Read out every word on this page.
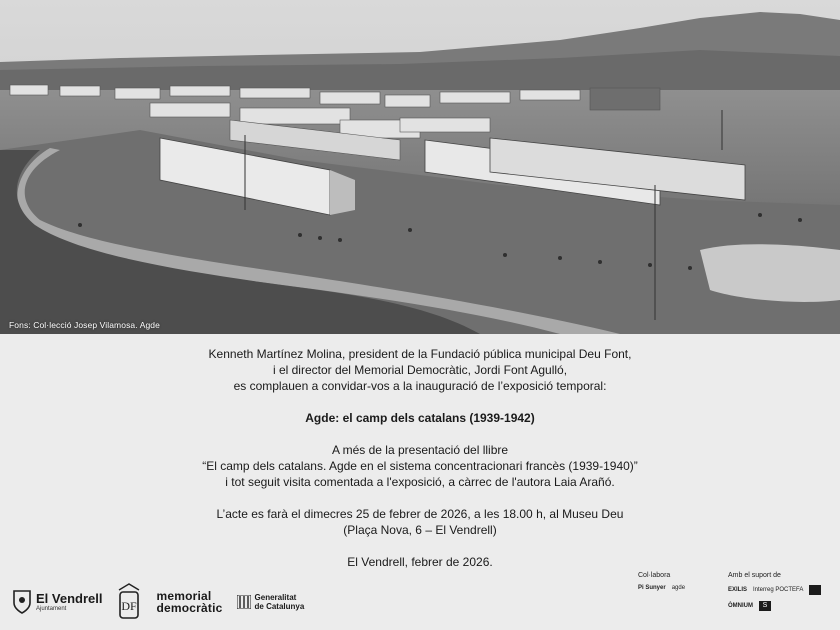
Fons: Col·lecció Josep Vilamosa. Agde

Kenneth Martínez Molina, president de la Fundació pública municipal Deu Font,

i el director del Memorial Democràtic, Jordi Font Agulló,

es complauen a convidar-vos a la inauguració de l’exposició temporal:

Agde: el camp dels catalans (1939-1942)

A més de la presentació del llibre

“El camp dels catalans. Agde en el sistema concentracionari francès (1939-1940)”

i tot seguit visita comentada a l'exposició, a càrrec de l'autora Laia Arañó.

L’acte es farà el dimecres 25 de febrer de 2026, a les 18.00 h, al Museu Deu

(Plaça Nova, 6 – El Vendrell)

El Vendrell, febrer de 2026.

El Vendrell
Ajuntament	DF
memorial
democràtic
Generalitat
de Catalunya
Col·labora
Pi Sunyer agde
Amb el suport de
EXILIS Interreg POCTEFA
ÒMNIUM	S
